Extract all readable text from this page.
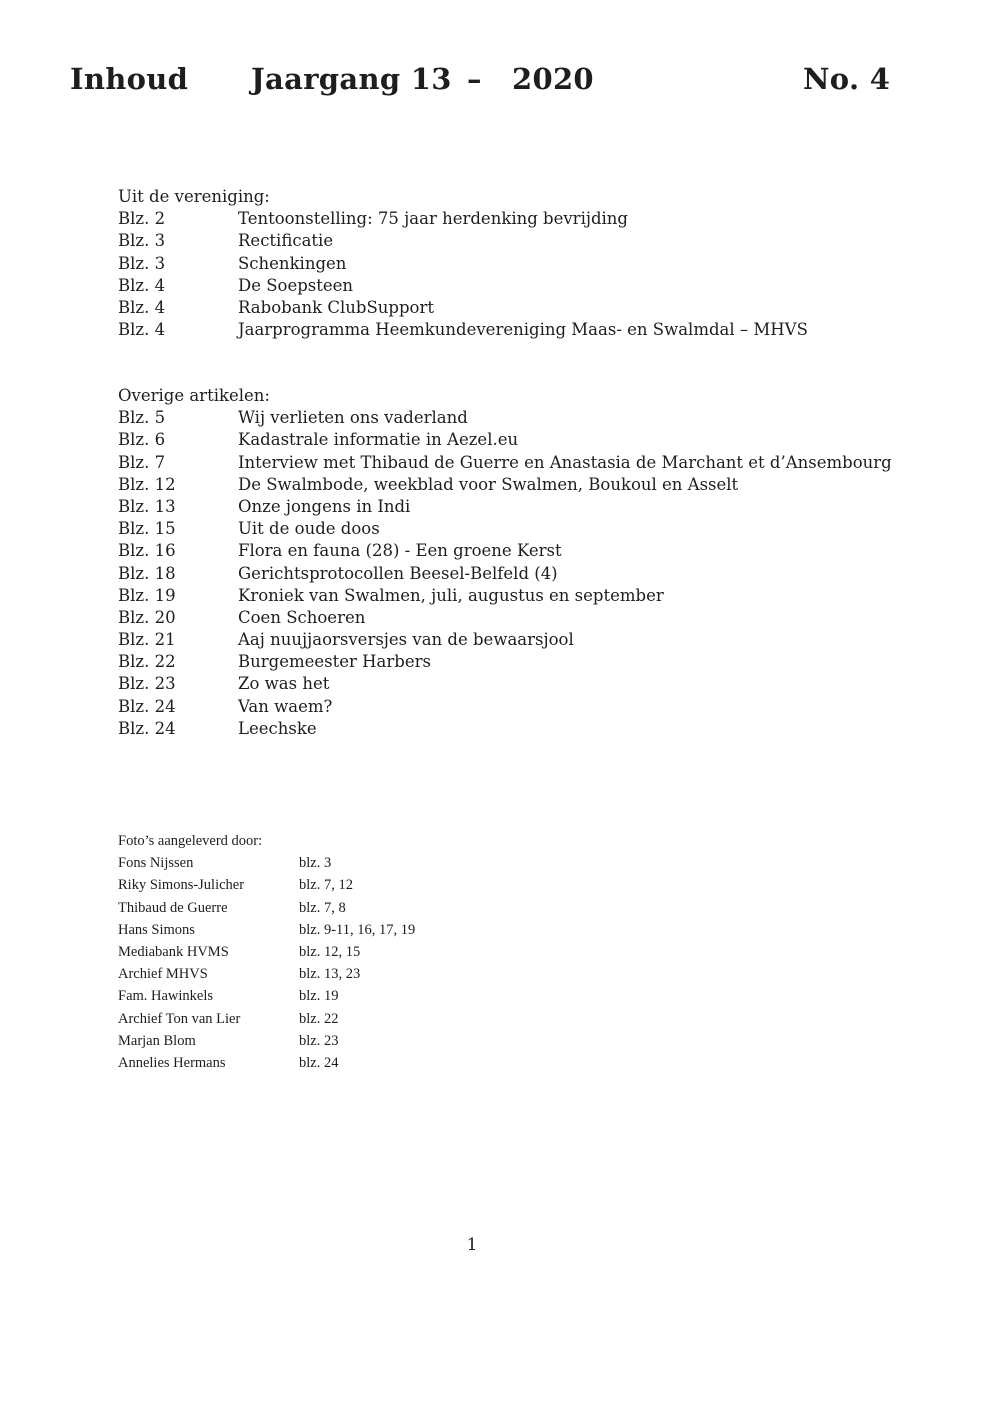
Inhoud Jaargang 13 – 2020	No. 4
Uit de vereniging:
Blz. 2	Tentoonstelling: 75 jaar herdenking bevrijding
Blz. 3	Rectificatie
Blz. 3	Schenkingen
Blz. 4	De Soepsteen
Blz. 4	Rabobank ClubSupport
Blz. 4	Jaarprogramma Heemkundevereniging Maas- en Swalmdal – MHVS
Overige artikelen:
Blz. 5	Wij verlieten ons vaderland
Blz. 6	Kadastrale informatie in Aezel.eu
Blz. 7	Interview met Thibaud de Guerre en Anastasia de Marchant et d’Ansembourg
Blz. 12	De Swalmbode, weekblad voor Swalmen, Boukoul en Asselt
Blz. 13	Onze jongens in Indi
Blz. 15	Uit de oude doos
Blz. 16	Flora en fauna (28) - Een groene Kerst
Blz. 18	Gerichtsprotocollen Beesel-Belfeld (4)
Blz. 19	Kroniek van Swalmen, juli, augustus en september
Blz. 20	Coen Schoeren
Blz. 21	Aaj nuujjaorsversjes van de bewaarsjool
Blz. 22	Burgemeester Harbers
Blz. 23	Zo was het
Blz. 24	Van waem?
Blz. 24	Leechske
Foto’s aangeleverd door:
Fons Nijssen	blz. 3
Riky Simons-Julicher	blz. 7, 12
Thibaud de Guerre	blz. 7, 8
Hans Simons	blz. 9-11, 16, 17, 19
Mediabank HVMS	blz. 12, 15
Archief MHVS	blz. 13, 23
Fam. Hawinkels	blz. 19
Archief Ton van Lier	blz. 22
Marjan Blom	blz. 23
Annelies Hermans	blz. 24
1
